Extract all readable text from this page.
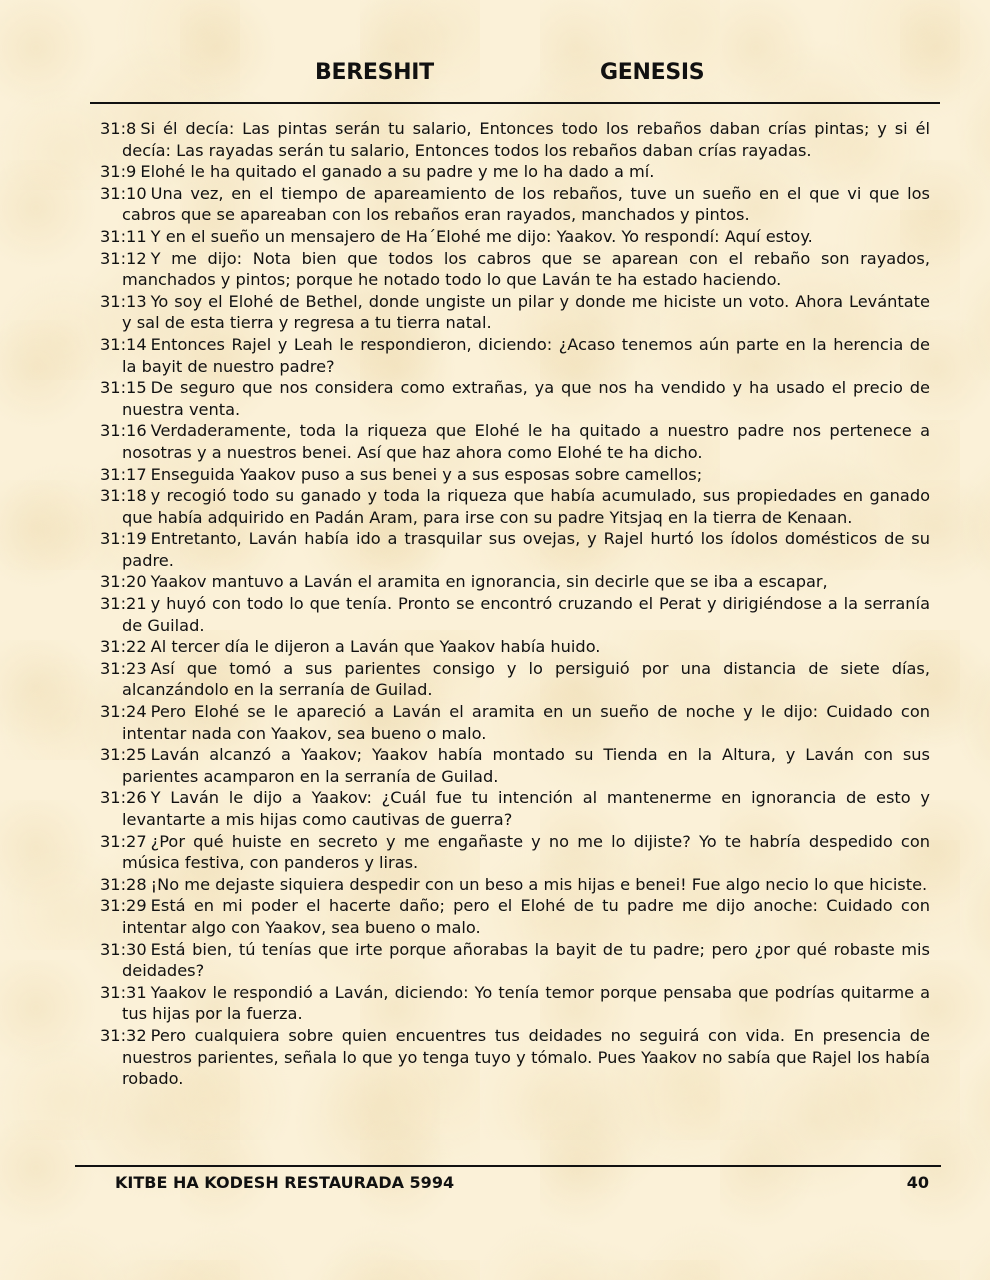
BERESHIT	GENESIS

31:8 Si él decía: Las pintas serán tu salario, Entonces todo los rebaños daban crías pintas; y si él decía: Las rayadas serán tu salario, Entonces todos los rebaños daban crías rayadas.

31:9 Elohé le ha quitado el ganado a su padre y me lo ha dado a mí.

31:10 Una vez, en el tiempo de apareamiento de los rebaños, tuve un sueño en el que vi que los cabros que se apareaban con los rebaños eran rayados, manchados y pintos.

31:11 Y en el sueño un mensajero de Ha´Elohé me dijo: Yaakov. Yo respondí: Aquí estoy.

31:12 Y me dijo: Nota bien que todos los cabros que se aparean con el rebaño son rayados, manchados y pintos; porque he notado todo lo que Laván te ha estado haciendo.

31:13 Yo soy el Elohé de Bethel, donde ungiste un pilar y donde me hiciste un voto. Ahora Levántate y sal de esta tierra y regresa a tu tierra natal.

31:14 Entonces Rajel y Leah le respondieron, diciendo: ¿Acaso tenemos aún parte en la herencia de la bayit de nuestro padre?

31:15 De seguro que nos considera como extrañas, ya que nos ha vendido y ha usado el precio de nuestra venta.

31:16 Verdaderamente, toda la riqueza que Elohé le ha quitado a nuestro padre nos pertenece a nosotras y a nuestros benei. Así que haz ahora como Elohé te ha dicho.

31:17 Enseguida Yaakov puso a sus benei y a sus esposas sobre camellos;

31:18 y recogió todo su ganado y toda la riqueza que había acumulado, sus propiedades en ganado que había adquirido en Padán Aram, para irse con su padre Yitsjaq en la tierra de Kenaan.

31:19 Entretanto, Laván había ido a trasquilar sus ovejas, y Rajel hurtó los ídolos domésticos de su padre.

31:20 Yaakov mantuvo a Laván el aramita en ignorancia, sin decirle que se iba a escapar,

31:21 y huyó con todo lo que tenía. Pronto se encontró cruzando el Perat y dirigiéndose a la serranía de Guilad.

31:22 Al tercer día le dijeron a Laván que Yaakov había huido.

31:23 Así que tomó a sus parientes consigo y lo persiguió por una distancia de siete días, alcanzándolo en la serranía de Guilad.

31:24 Pero Elohé se le apareció a Laván el aramita en un sueño de noche y le dijo: Cuidado con intentar nada con Yaakov, sea bueno o malo.

31:25 Laván alcanzó a Yaakov; Yaakov había montado su Tienda en la Altura, y Laván con sus parientes acamparon en la serranía de Guilad.

31:26 Y Laván le dijo a Yaakov: ¿Cuál fue tu intención al mantenerme en ignorancia de esto y levantarte a mis hijas como cautivas de guerra?

31:27 ¿Por qué huiste en secreto y me engañaste y no me lo dijiste? Yo te habría despedido con música festiva, con panderos y liras.

31:28 ¡No me dejaste siquiera despedir con un beso a mis hijas e benei! Fue algo necio lo que hiciste.

31:29 Está en mi poder el hacerte daño; pero el Elohé de tu padre me dijo anoche: Cuidado con intentar algo con Yaakov, sea bueno o malo.

31:30 Está bien, tú tenías que irte porque añorabas la bayit de tu padre; pero ¿por qué robaste mis deidades?

31:31 Yaakov le respondió a Laván, diciendo: Yo tenía temor porque pensaba que podrías quitarme a tus hijas por la fuerza.

31:32 Pero cualquiera sobre quien encuentres tus deidades no seguirá con vida. En presencia de nuestros parientes, señala lo que yo tenga tuyo y tómalo. Pues Yaakov no sabía que Rajel los había robado.

KITBE HA KODESH RESTAURADA 5994	40
